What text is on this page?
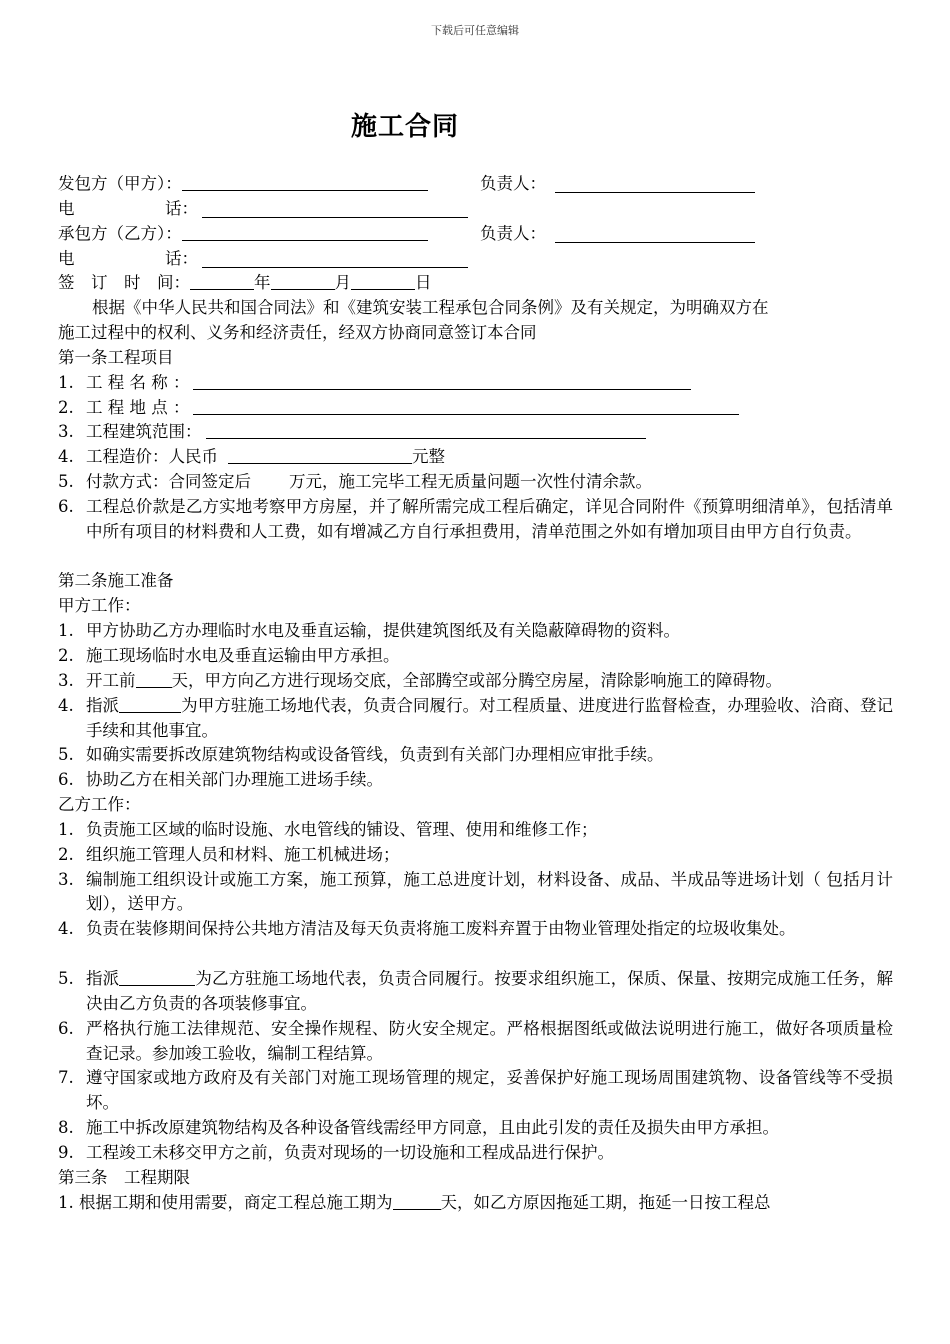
下载后可任意编辑
施工合同
发包方（甲方）：	负责人：
电	话：
承包方（乙方）：	负责人：
电	话：
签　订　时　间：	年	月	日
根据《中华人民共和国合同法》和《建筑安装工程承包合同条例》及有关规定，为明确双方在
施工过程中的权利、义务和经济责任，经双方协商同意签订本合同
第一条工程项目
1. 工 程 名 称 ：
2. 工 程 地 点 ：
3. 工程建筑范围：
4. 工程造价：人民币	元整
5. 付款方式：合同签定后 万元，施工完毕工程无质量问题一次性付清余款。
6. 工程总价款是乙方实地考察甲方房屋，并了解所需完成工程后确定，详见合同附件《预算明细清单》，包括清单中所有项目的材料费和人工费，如有增减乙方自行承担费用，清单范围之外如有增加项目由甲方自行负责。
第二条施工准备
甲方工作：
1. 甲方协助乙方办理临时水电及垂直运输，提供建筑图纸及有关隐蔽障碍物的资料。
2. 施工现场临时水电及垂直运输由甲方承担。
3. 开工前 天，甲方向乙方进行现场交底，全部腾空或部分腾空房屋，清除影响施工的障碍物。
4. 指派	为甲方驻施工场地代表，负责合同履行。对工程质量、进度进行监督检查，办理验收、洽商、登记手续和其他事宜。
5. 如确实需要拆改原建筑物结构或设备管线，负责到有关部门办理相应审批手续。
6. 协助乙方在相关部门办理施工进场手续。
乙方工作：
1. 负责施工区域的临时设施、水电管线的铺设、管理、使用和维修工作；
2. 组织施工管理人员和材料、施工机械进场；
3. 编制施工组织设计或施工方案，施工预算，施工总进度计划，材料设备、成品、半成品等进场计划（ 包括月计划），送甲方。
4. 负责在装修期间保持公共地方清洁及每天负责将施工废料弃置于由物业管理处指定的垃圾收集处。
5. 指派	为乙方驻施工场地代表，负责合同履行。按要求组织施工，保质、保量、按期完成施工任务，解决由乙方负责的各项装修事宜。
6. 严格执行施工法律规范、安全操作规程、防火安全规定。严格根据图纸或做法说明进行施工，做好各项质量检查记录。参加竣工验收，编制工程结算。
7. 遵守国家或地方政府及有关部门对施工现场管理的规定，妥善保护好施工现场周围建筑物、设备管线等不受损坏。
8. 施工中拆改原建筑物结构及各种设备管线需经甲方同意，且由此引发的责任及损失由甲方承担。
9. 工程竣工未移交甲方之前，负责对现场的一切设施和工程成品进行保护。
第三条　工程期限
1. 根据工期和使用需要，商定工程总施工期为	天，如乙方原因拖延工期，拖延一日按工程总
